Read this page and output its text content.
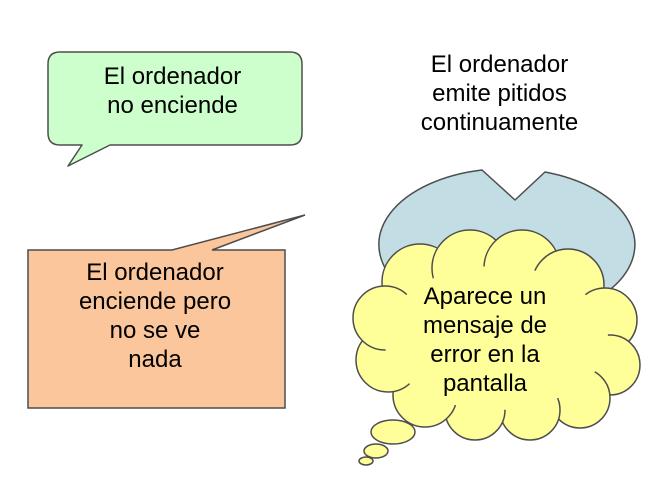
El ordenador
no enciende
El ordenador
emite pitidos
continuamente
El ordenador
enciende pero
no se ve
nada
Aparece un
mensaje de
error en la
pantalla
